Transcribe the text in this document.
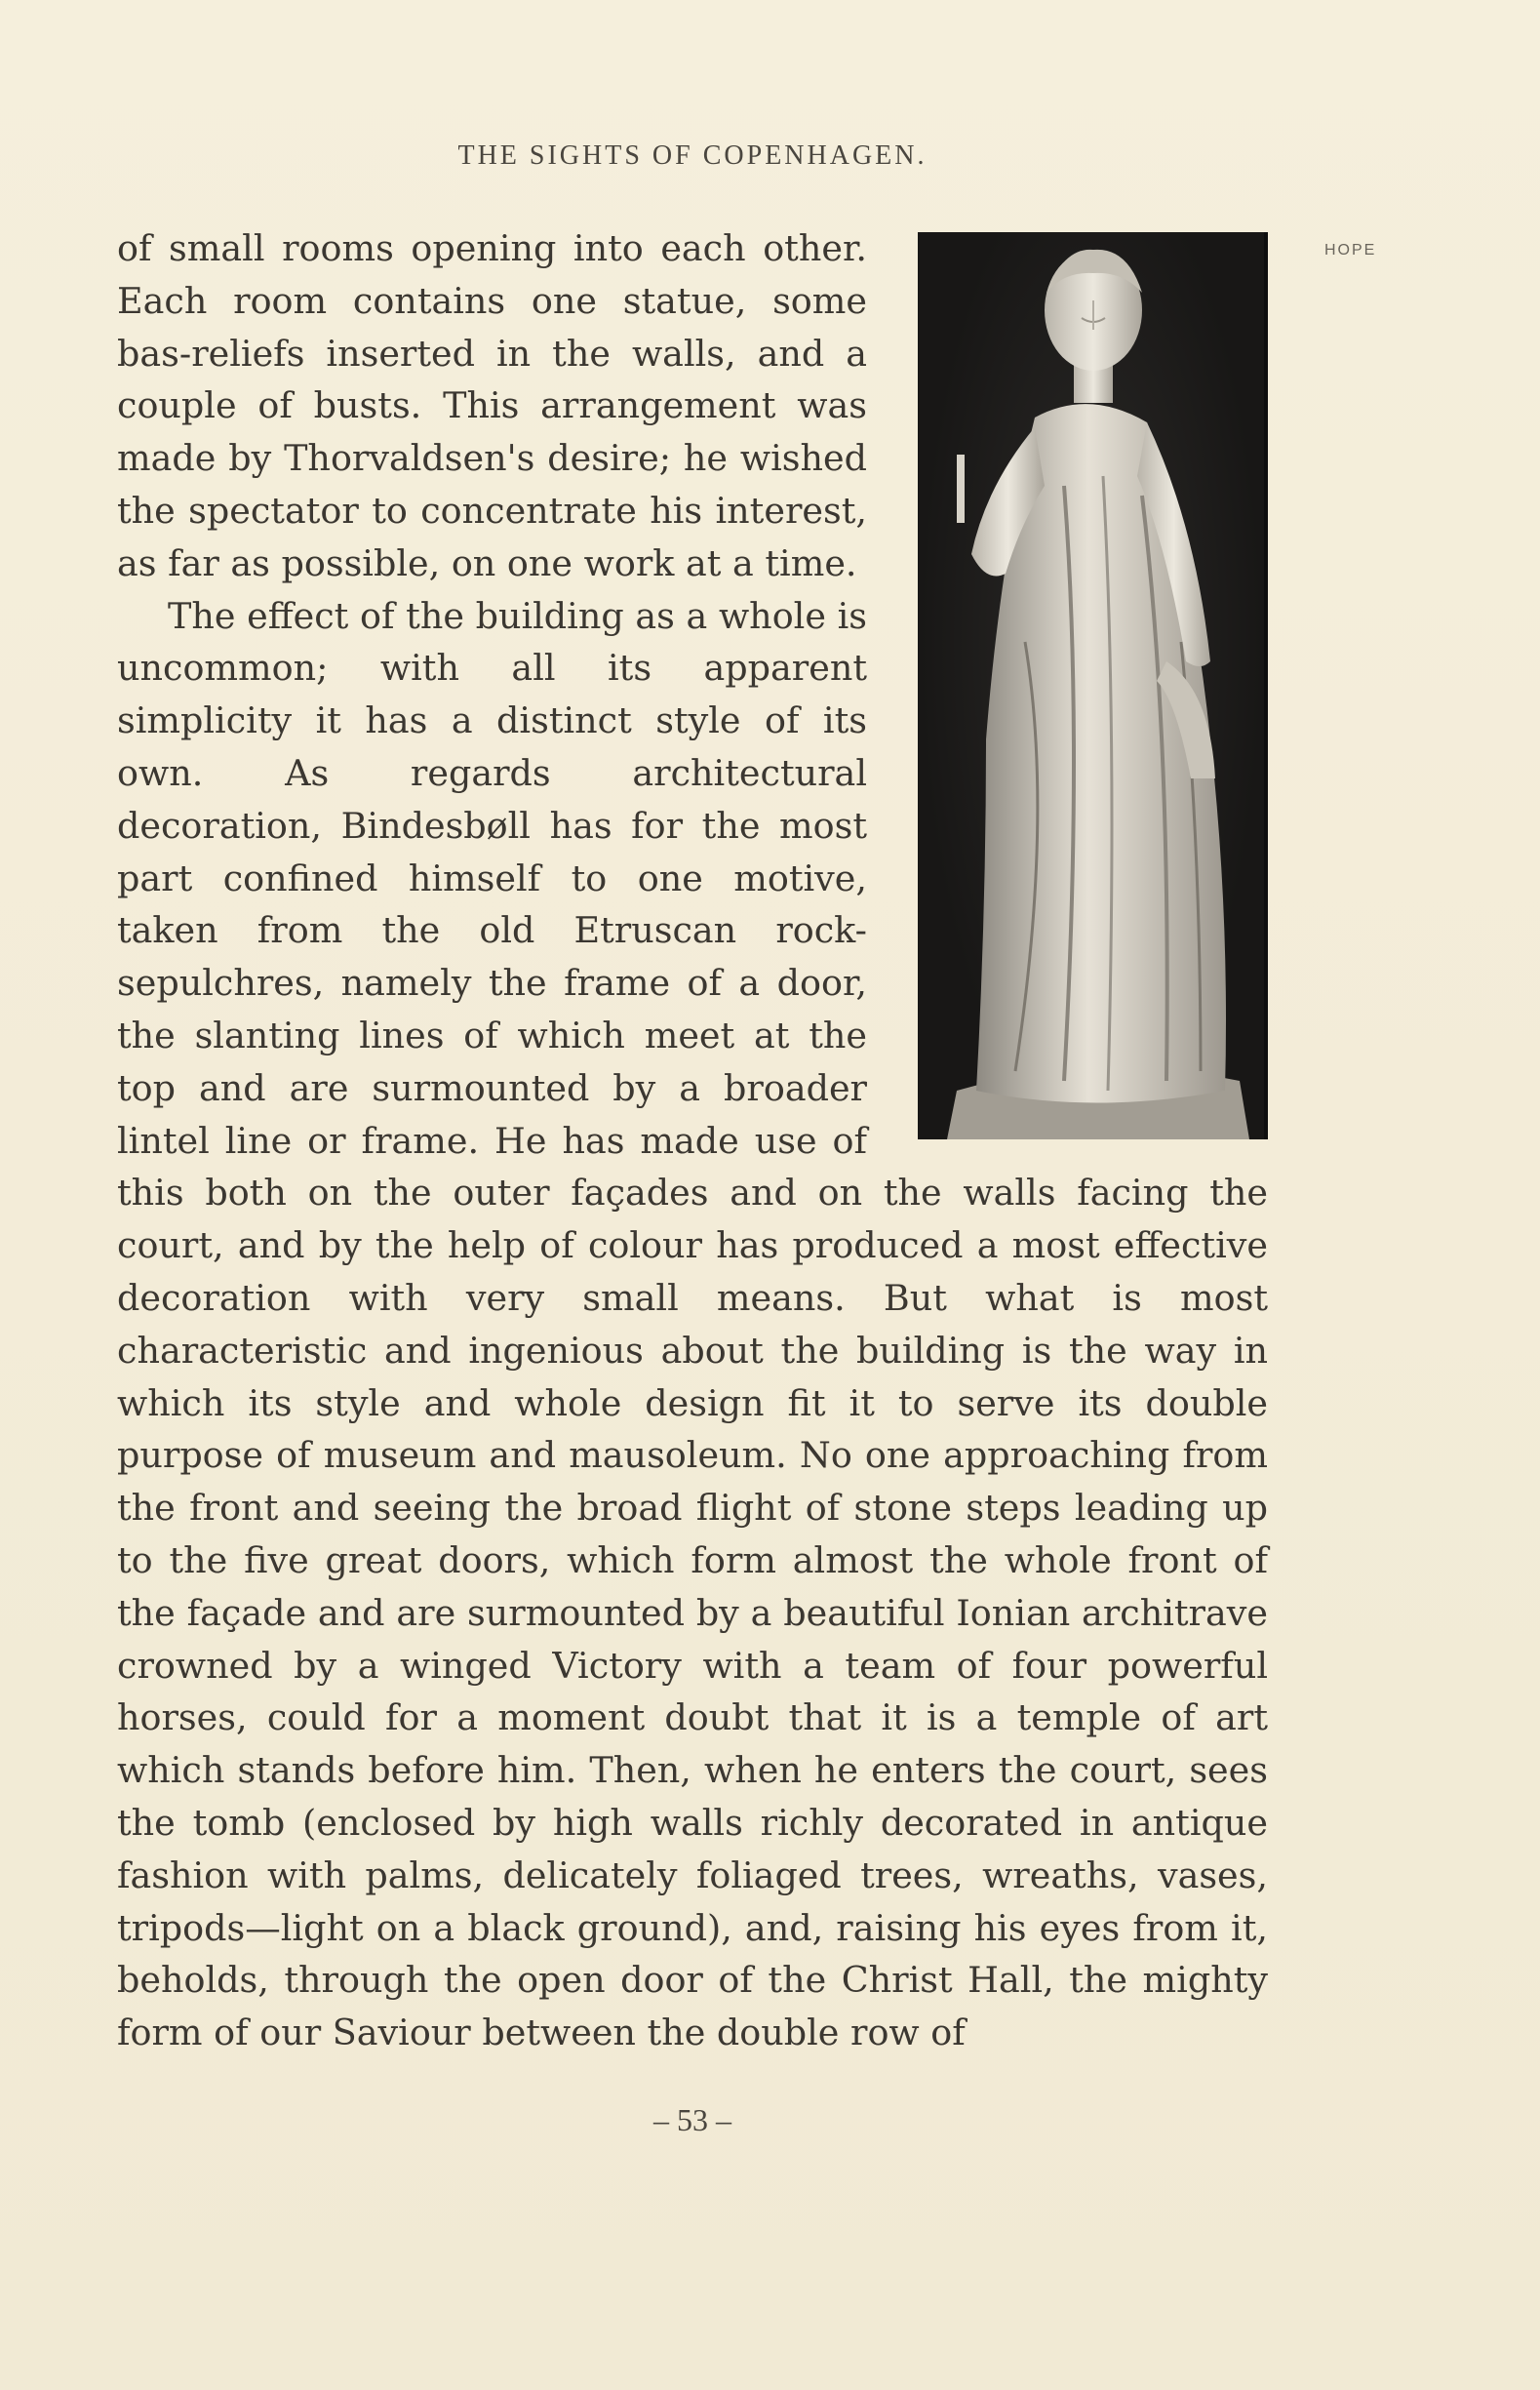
THE SIGHTS OF COPENHAGEN.
HOPE

of small rooms opening into each other. Each room contains one statue, some bas-reliefs inserted in the walls, and a couple of busts. This arrangement was made by Thorvaldsen's desire; he wished the spectator to concentrate his interest, as far as possible, on one work at a time.

The effect of the building as a whole is uncommon; with all its apparent simplicity it has a distinct style of its own. As regards architectural decoration, Bindesbøll has for the most part confined himself to one motive, taken from the old Etruscan rock-sepulchres, namely the frame of a door, the slanting lines of which meet at the top and are surmounted by a broader lintel line or frame. He has made use of this both on the outer façades and on the walls facing the court, and by the help of colour has produced a most effective decoration with very small means. But what is most characteristic and ingenious about the building is the way in which its style and whole design fit it to serve its double purpose of museum and mausoleum. No one approaching from the front and seeing the broad flight of stone steps leading up to the five great doors, which form almost the whole front of the façade and are surmounted by a beautiful Ionian architrave crowned by a winged Victory with a team of four powerful horses, could for a moment doubt that it is a temple of art which stands before him. Then, when he enters the court, sees the tomb (enclosed by high walls richly decorated in antique fashion with palms, delicately foliaged trees, wreaths, vases, tripods—light on a black ground), and, raising his eyes from it, beholds, through the open door of the Christ Hall, the mighty form of our Saviour between the double row of

– 53 –
